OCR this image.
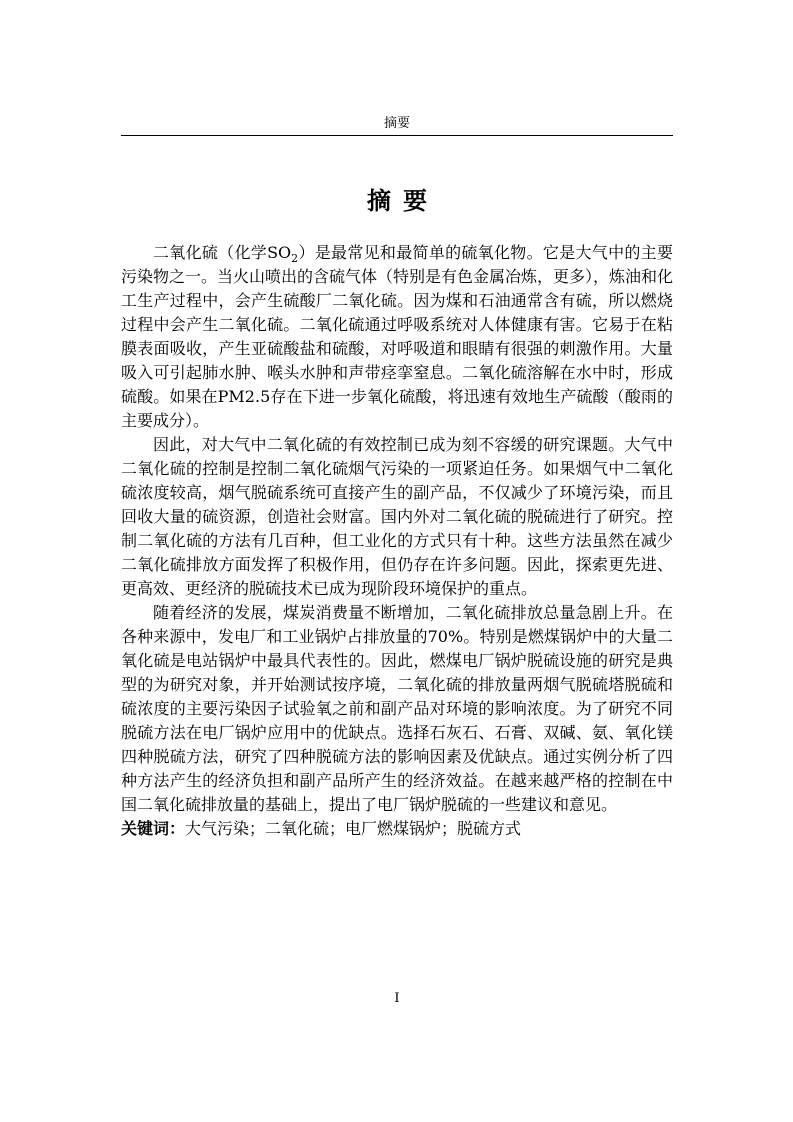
摘要
摘要

二氧化硫（化学$SO_2$）是最常见和最简单的硫氧化物。它是大气中的主要污染物之一。当火山喷出的含硫气体（特别是有色金属冶炼，更多），炼油和化工生产过程中，会产生硫酸厂二氧化硫。因为煤和石油通常含有硫，所以燃烧过程中会产生二氧化硫。二氧化硫通过呼吸系统对人体健康有害。它易于在粘膜表面吸收，产生亚硫酸盐和硫酸，对呼吸道和眼睛有很强的刺激作用。大量吸入可引起肺水肿、喉头水肿和声带痉挛窒息。二氧化硫溶解在水中时，形成硫酸。如果在PM2.5存在下进一步氧化硫酸，将迅速有效地生产硫酸（酸雨的主要成分）。

因此，对大气中二氧化硫的有效控制已成为刻不容缓的研究课题。大气中二氧化硫的控制是控制二氧化硫烟气污染的一项紧迫任务。如果烟气中二氧化硫浓度较高，烟气脱硫系统可直接产生的副产品，不仅减少了环境污染，而且回收大量的硫资源，创造社会财富。国内外对二氧化硫的脱硫进行了研究。控制二氧化硫的方法有几百种，但工业化的方式只有十种。这些方法虽然在减少二氧化硫排放方面发挥了积极作用，但仍存在许多问题。因此，探索更先进、更高效、更经济的脱硫技术已成为现阶段环境保护的重点。

随着经济的发展，煤炭消费量不断增加，二氧化硫排放总量急剧上升。在各种来源中，发电厂和工业锅炉占排放量的70%。特别是燃煤锅炉中的大量二氧化硫是电站锅炉中最具代表性的。因此，燃煤电厂锅炉脱硫设施的研究是典型的为研究对象，并开始测试按序境，二氧化硫的排放量两烟气脱硫塔脱硫和硫浓度的主要污染因子试验氧之前和副产品对环境的影响浓度。为了研究不同脱硫方法在电厂锅炉应用中的优缺点。选择石灰石、石膏、双碱、氨、氧化镁四种脱硫方法，研究了四种脱硫方法的影响因素及优缺点。通过实例分析了四种方法产生的经济负担和副产品所产生的经济效益。在越来越严格的控制在中国二氧化硫排放量的基础上，提出了电厂锅炉脱硫的一些建议和意见。

关键词：大气污染；二氧化硫；电厂燃煤锅炉；脱硫方式

I
